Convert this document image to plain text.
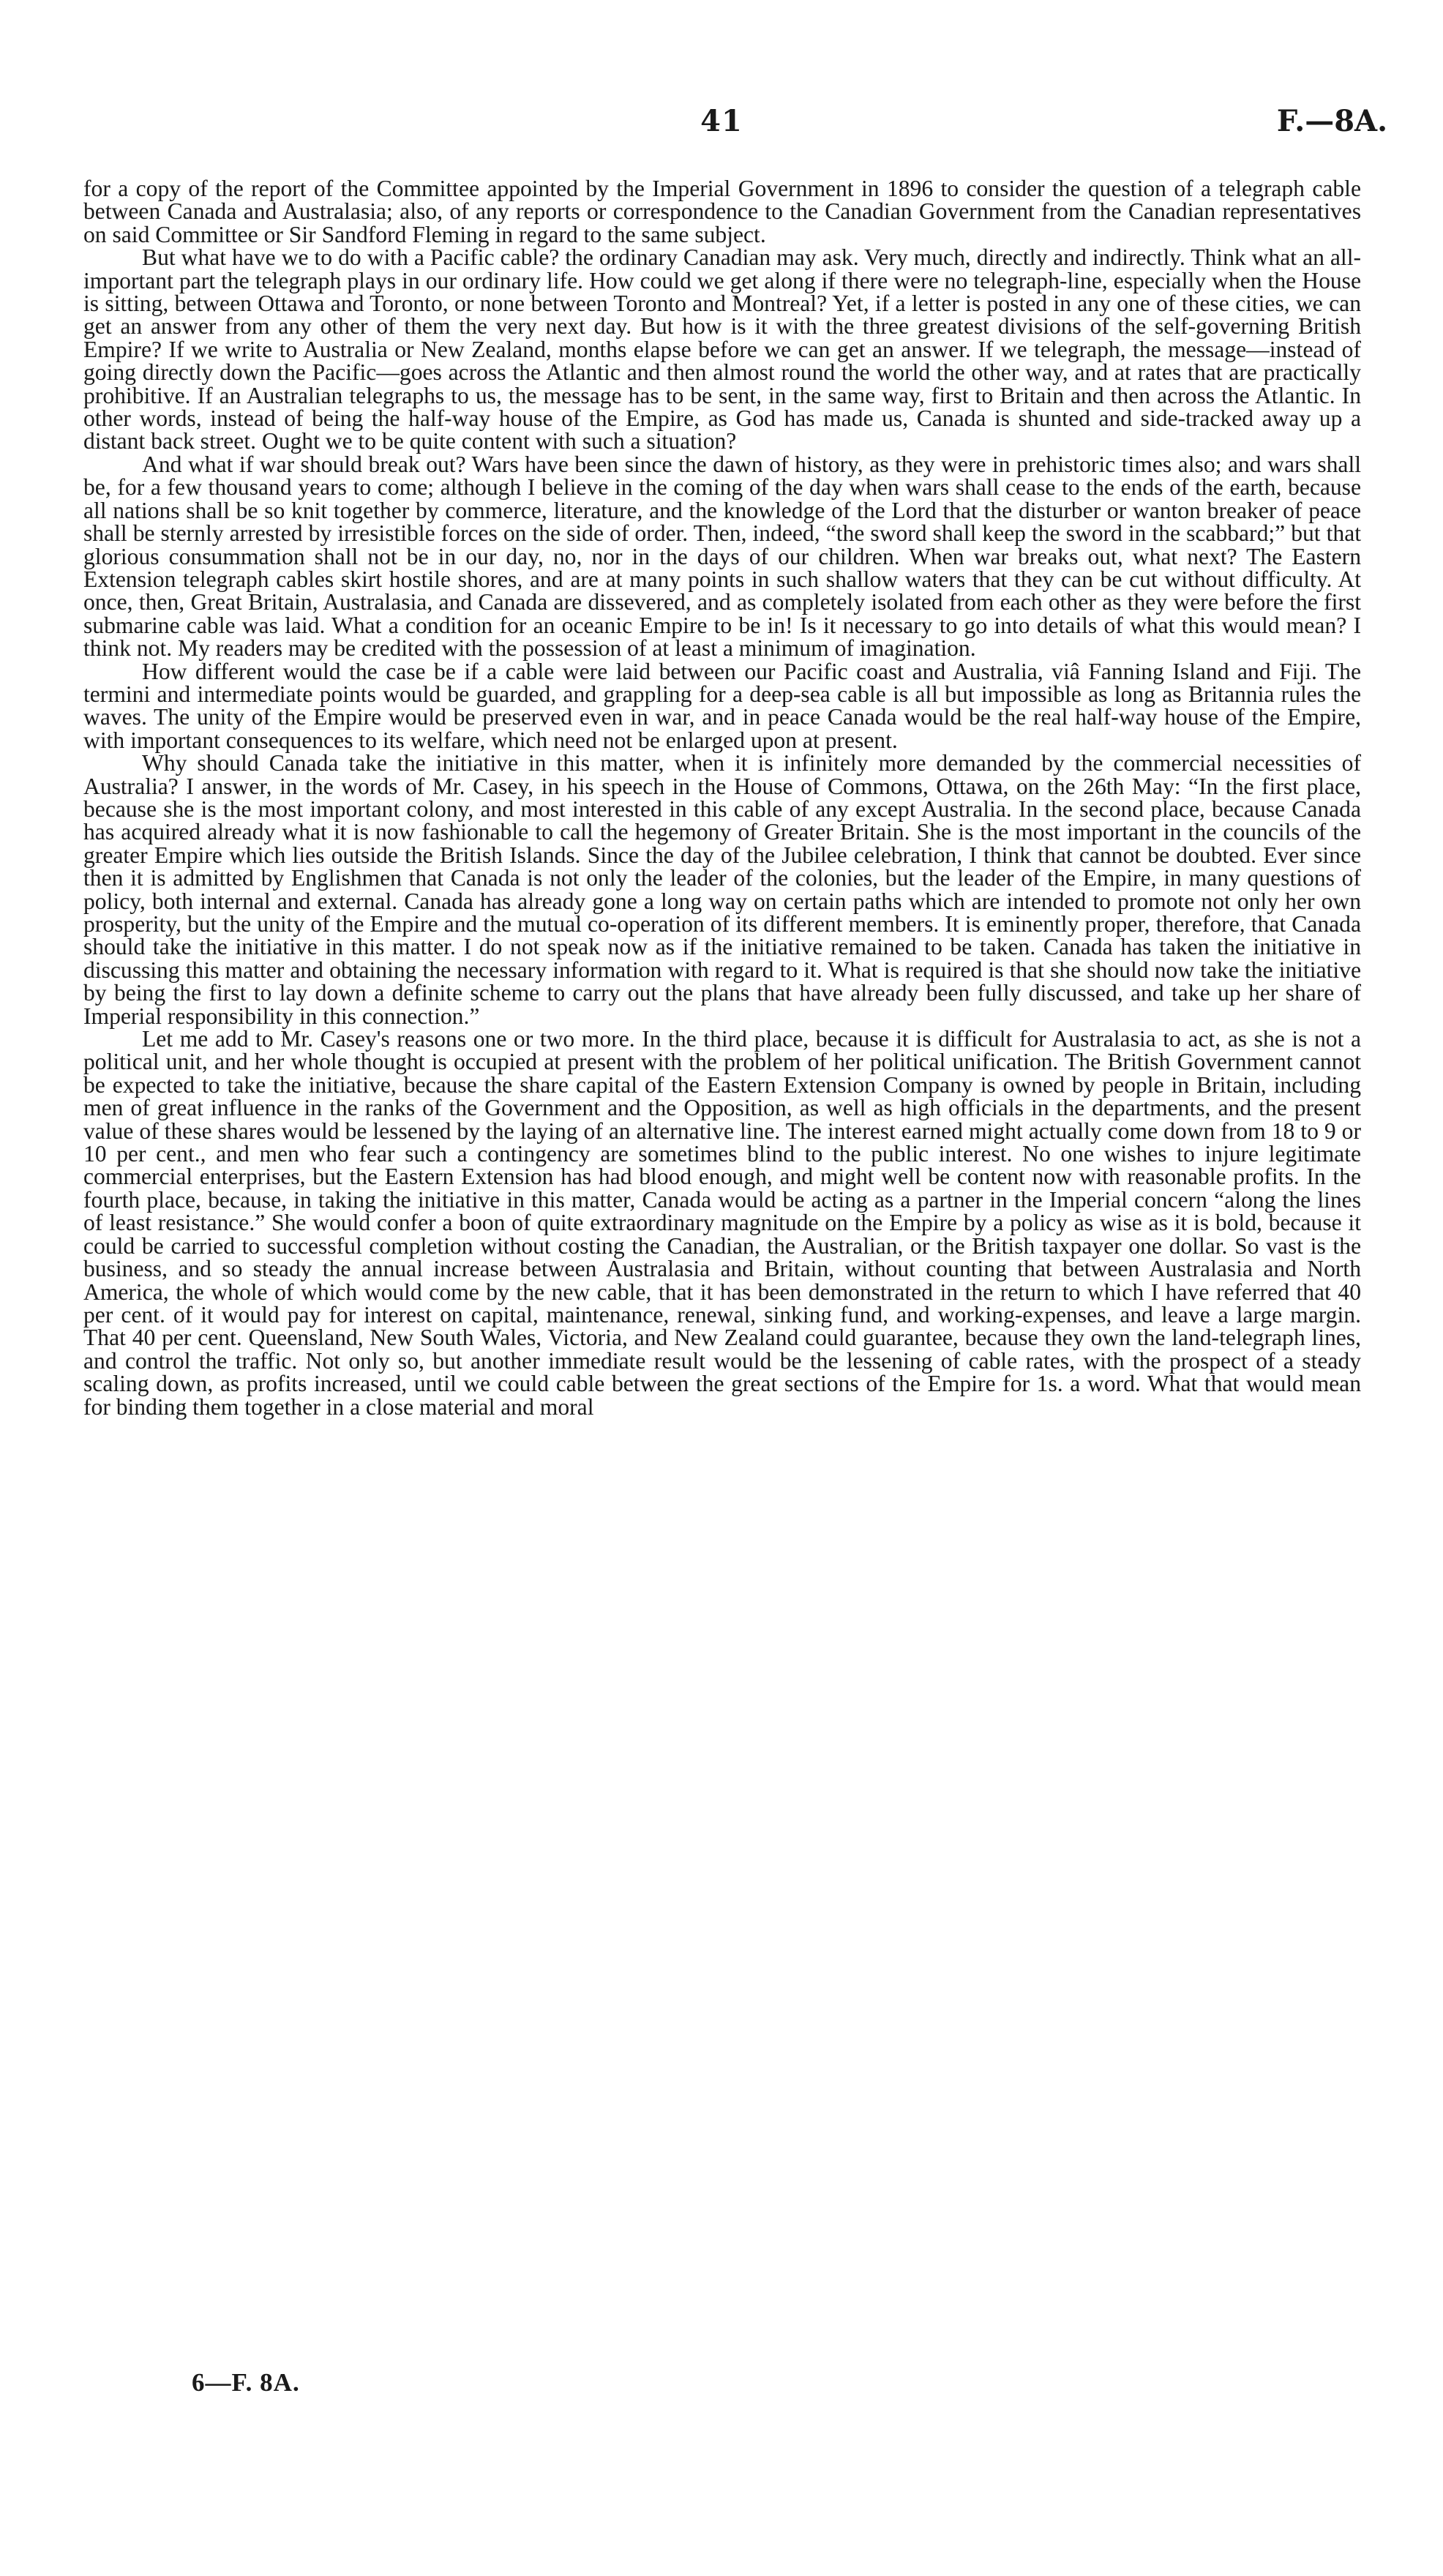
41	F.—8A.

for a copy of the report of the Committee appointed by the Imperial Government in 1896 to consider the question of a telegraph cable between Canada and Australasia; also, of any reports or correspondence to the Canadian Government from the Canadian representatives on said Committee or Sir Sandford Fleming in regard to the same subject.

But what have we to do with a Pacific cable? the ordinary Canadian may ask. Very much, directly and indirectly. Think what an all-important part the telegraph plays in our ordinary life. How could we get along if there were no telegraph-line, especially when the House is sitting, between Ottawa and Toronto, or none between Toronto and Montreal? Yet, if a letter is posted in any one of these cities, we can get an answer from any other of them the very next day. But how is it with the three greatest divisions of the self-governing British Empire? If we write to Australia or New Zealand, months elapse before we can get an answer. If we telegraph, the message—instead of going directly down the Pacific—goes across the Atlantic and then almost round the world the other way, and at rates that are practically prohibitive. If an Australian telegraphs to us, the message has to be sent, in the same way, first to Britain and then across the Atlantic. In other words, instead of being the half-way house of the Empire, as God has made us, Canada is shunted and side-tracked away up a distant back street. Ought we to be quite content with such a situation?

And what if war should break out? Wars have been since the dawn of history, as they were in prehistoric times also; and wars shall be, for a few thousand years to come; although I believe in the coming of the day when wars shall cease to the ends of the earth, because all nations shall be so knit together by commerce, literature, and the knowledge of the Lord that the disturber or wanton breaker of peace shall be sternly arrested by irresistible forces on the side of order. Then, indeed, “the sword shall keep the sword in the scabbard;” but that glorious consummation shall not be in our day, no, nor in the days of our children. When war breaks out, what next? The Eastern Extension telegraph cables skirt hostile shores, and are at many points in such shallow waters that they can be cut without difficulty. At once, then, Great Britain, Australasia, and Canada are dissevered, and as completely isolated from each other as they were before the first submarine cable was laid. What a condition for an oceanic Empire to be in! Is it necessary to go into details of what this would mean? I think not. My readers may be credited with the possession of at least a minimum of imagination.

How different would the case be if a cable were laid between our Pacific coast and Australia, viâ Fanning Island and Fiji. The termini and intermediate points would be guarded, and grappling for a deep-sea cable is all but impossible as long as Britannia rules the waves. The unity of the Empire would be preserved even in war, and in peace Canada would be the real half-way house of the Empire, with important consequences to its welfare, which need not be enlarged upon at present.

Why should Canada take the initiative in this matter, when it is infinitely more demanded by the commercial necessities of Australia? I answer, in the words of Mr. Casey, in his speech in the House of Commons, Ottawa, on the 26th May: “In the first place, because she is the most important colony, and most interested in this cable of any except Australia. In the second place, because Canada has acquired already what it is now fashionable to call the hegemony of Greater Britain. She is the most important in the councils of the greater Empire which lies outside the British Islands. Since the day of the Jubilee celebration, I think that cannot be doubted. Ever since then it is admitted by Englishmen that Canada is not only the leader of the colonies, but the leader of the Empire, in many questions of policy, both internal and external. Canada has already gone a long way on certain paths which are intended to promote not only her own prosperity, but the unity of the Empire and the mutual co-operation of its different members. It is eminently proper, therefore, that Canada should take the initiative in this matter. I do not speak now as if the initiative remained to be taken. Canada has taken the initiative in discussing this matter and obtaining the necessary information with regard to it. What is required is that she should now take the initiative by being the first to lay down a definite scheme to carry out the plans that have already been fully discussed, and take up her share of Imperial responsibility in this connection.”

Let me add to Mr. Casey's reasons one or two more. In the third place, because it is difficult for Australasia to act, as she is not a political unit, and her whole thought is occupied at present with the problem of her political unification. The British Government cannot be expected to take the initiative, because the share capital of the Eastern Extension Company is owned by people in Britain, including men of great influence in the ranks of the Government and the Opposition, as well as high officials in the departments, and the present value of these shares would be lessened by the laying of an alternative line. The interest earned might actually come down from 18 to 9 or 10 per cent., and men who fear such a contingency are sometimes blind to the public interest. No one wishes to injure legitimate commercial enterprises, but the Eastern Extension has had blood enough, and might well be content now with reasonable profits. In the fourth place, because, in taking the initiative in this matter, Canada would be acting as a partner in the Imperial concern “along the lines of least resistance.” She would confer a boon of quite extraordinary magnitude on the Empire by a policy as wise as it is bold, because it could be carried to successful completion without costing the Canadian, the Australian, or the British taxpayer one dollar. So vast is the business, and so steady the annual increase between Australasia and Britain, without counting that between Australasia and North America, the whole of which would come by the new cable, that it has been demonstrated in the return to which I have referred that 40 per cent. of it would pay for interest on capital, maintenance, renewal, sinking fund, and working-expenses, and leave a large margin. That 40 per cent. Queensland, New South Wales, Victoria, and New Zealand could guarantee, because they own the land-telegraph lines, and control the traffic. Not only so, but another immediate result would be the lessening of cable rates, with the prospect of a steady scaling down, as profits increased, until we could cable between the great sections of the Empire for 1s. a word. What that would mean for binding them together in a close material and moral

6—F. 8A.
